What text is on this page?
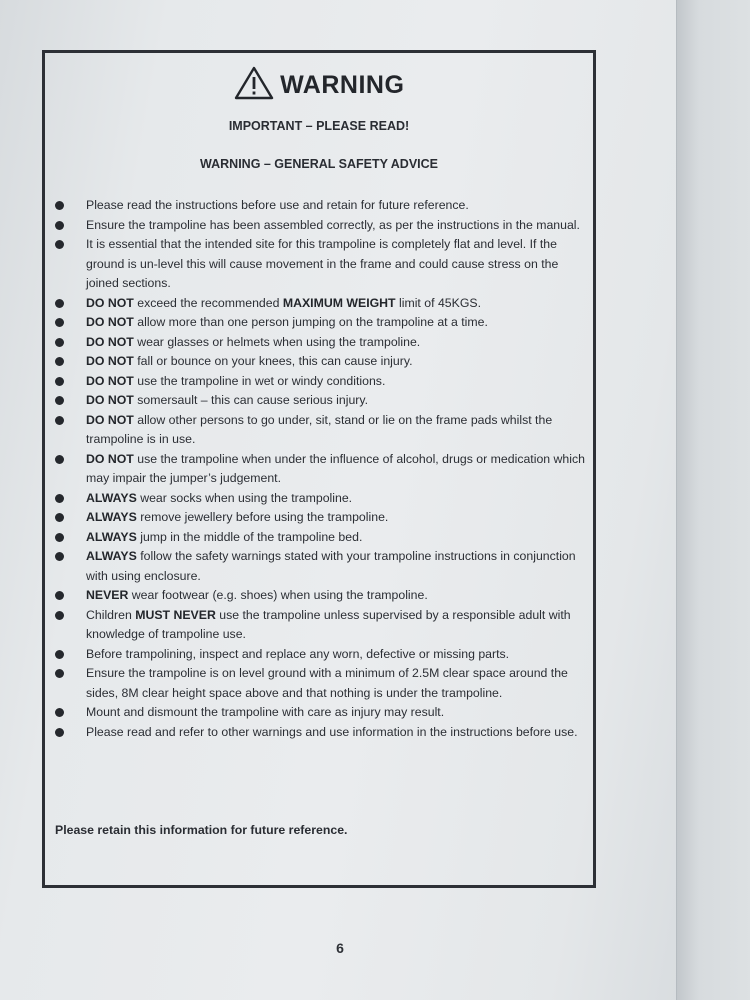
WARNING
IMPORTANT – PLEASE READ!
WARNING – GENERAL SAFETY ADVICE
Please read the instructions before use and retain for future reference.
Ensure the trampoline has been assembled correctly, as per the instructions in the manual.
It is essential that the intended site for this trampoline is completely flat and level. If the ground is un-level this will cause movement in the frame and could cause stress on the joined sections.
DO NOT exceed the recommended MAXIMUM WEIGHT limit of 45KGS.
DO NOT allow more than one person jumping on the trampoline at a time.
DO NOT wear glasses or helmets when using the trampoline.
DO NOT fall or bounce on your knees, this can cause injury.
DO NOT use the trampoline in wet or windy conditions.
DO NOT somersault – this can cause serious injury.
DO NOT allow other persons to go under, sit, stand or lie on the frame pads whilst the trampoline is in use.
DO NOT use the trampoline when under the influence of alcohol, drugs or medication which may impair the jumper’s judgement.
ALWAYS wear socks when using the trampoline.
ALWAYS remove jewellery before using the trampoline.
ALWAYS jump in the middle of the trampoline bed.
ALWAYS follow the safety warnings stated with your trampoline instructions in conjunction with using enclosure.
NEVER wear footwear (e.g. shoes) when using the trampoline.
Children MUST NEVER use the trampoline unless supervised by a responsible adult with knowledge of trampoline use.
Before trampolining, inspect and replace any worn, defective or missing parts.
Ensure the trampoline is on level ground with a minimum of 2.5M clear space around the sides, 8M clear height space above and that nothing is under the trampoline.
Mount and dismount the trampoline with care as injury may result.
Please read and refer to other warnings and use information in the instructions before use.
Please retain this information for future reference.
6
